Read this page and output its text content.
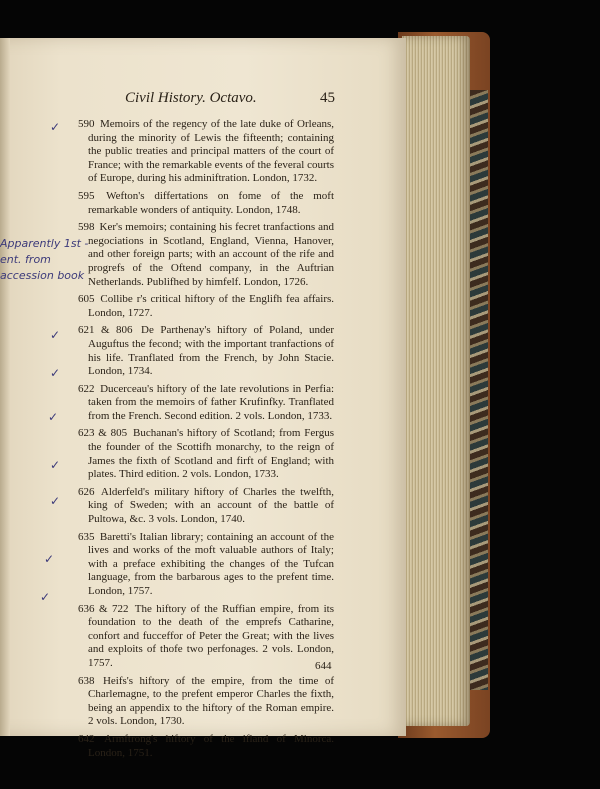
Civil History. Octavo.	45
590 Memoirs of the regency of the late duke of Orleans, during the minority of Lewis the fifteenth; containing the public treaties and principal matters of the court of France; with the remarkable events of the feveral courts of Europe, during his adminiftration. London, 1732.
595 Wefton's differtations on fome of the moft remarkable wonders of antiquity. London, 1748.
598 Ker's memoirs; containing his fecret tranfactions and negociations in Scotland, England, Vienna, Hanover, and other foreign parts; with an account of the rife and progrefs of the Oftend company, in the Auftrian Netherlands. Publifhed by himfelf. London, 1726.
605 Collibe r's critical hiftory of the Englifh fea affairs. London, 1727.
621 & 806 De Parthenay's hiftory of Poland, under Auguftus the fecond; with the important tranfactions of his life. Tranflated from the French, by John Stacie. London, 1734.
622 Ducerceau's hiftory of the late revolutions in Perfia: taken from the memoirs of father Krufinfky. Tranflated from the French. Second edition. 2 vols. London, 1733.
623 & 805 Buchanan's hiftory of Scotland; from Fergus the founder of the Scottifh monarchy, to the reign of James the fixth of Scotland and firft of England; with plates. Third edition. 2 vols. London, 1733.
626 Alderfeld's military hiftory of Charles the twelfth, king of Sweden; with an account of the battle of Pultowa, &c. 3 vols. London, 1740.
635 Baretti's Italian library; containing an account of the lives and works of the moft valuable authors of Italy; with a preface exhibiting the changes of the Tufcan language, from the barbarous ages to the prefent time. London, 1757.
636 & 722 The hiftory of the Ruffian empire, from its foundation to the death of the emprefs Catharine, confort and fucceffor of Peter the Great; with the lives and exploits of thofe two perfonages. 2 vols. London, 1757.
638 Heifs's hiftory of the empire, from the time of Charlemagne, to the prefent emperor Charles the fixth, being an appendix to the hiftory of the Roman empire. 2 vols. London, 1730.
642 Armftrong's hiftory of the ifland of Minorca. London, 1751.
644
Apparently 1st -ent. from accession book
✓
✓
✓
✓
✓
✓
✓
✓
